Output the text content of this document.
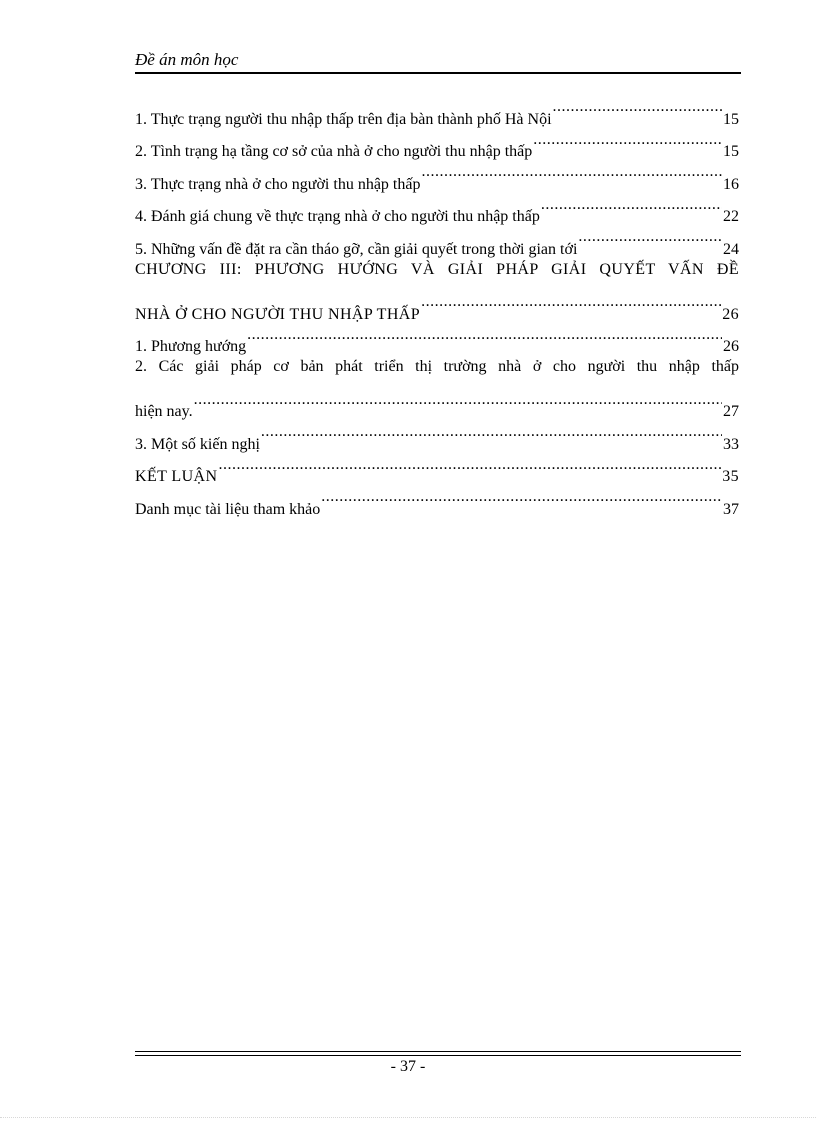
Đề án môn học
1. Thực trạng người thu nhập thấp trên địa bàn thành phố Hà Nội .....	15
2. Tình trạng hạ tầng cơ sở của nhà ở cho người thu nhập thấp .....	15
3. Thực trạng nhà ở cho người thu nhập thấp .....	16
4. Đánh giá chung về thực trạng nhà ở cho người thu nhập thấp .....	22
5. Những vấn đề đặt ra cần tháo gỡ, cần giải quyết trong thời gian tới .....	24
CHƯƠNG III: PHƯƠNG HƯỚNG VÀ GIẢI PHÁP GIẢI QUYẾT VẤN ĐỀ
NHÀ Ở CHO NGƯỜI THU NHẬP THẤP .....	26
1. Phương hướng .....	26
2. Các giải pháp cơ bản phát triển thị trường nhà ở cho người thu nhập thấp
hiện nay. .....	27
3. Một số kiến nghị .....	33
KẾT LUẬN .....	35
Danh mục tài liệu tham khảo .....	37
- 37 -
